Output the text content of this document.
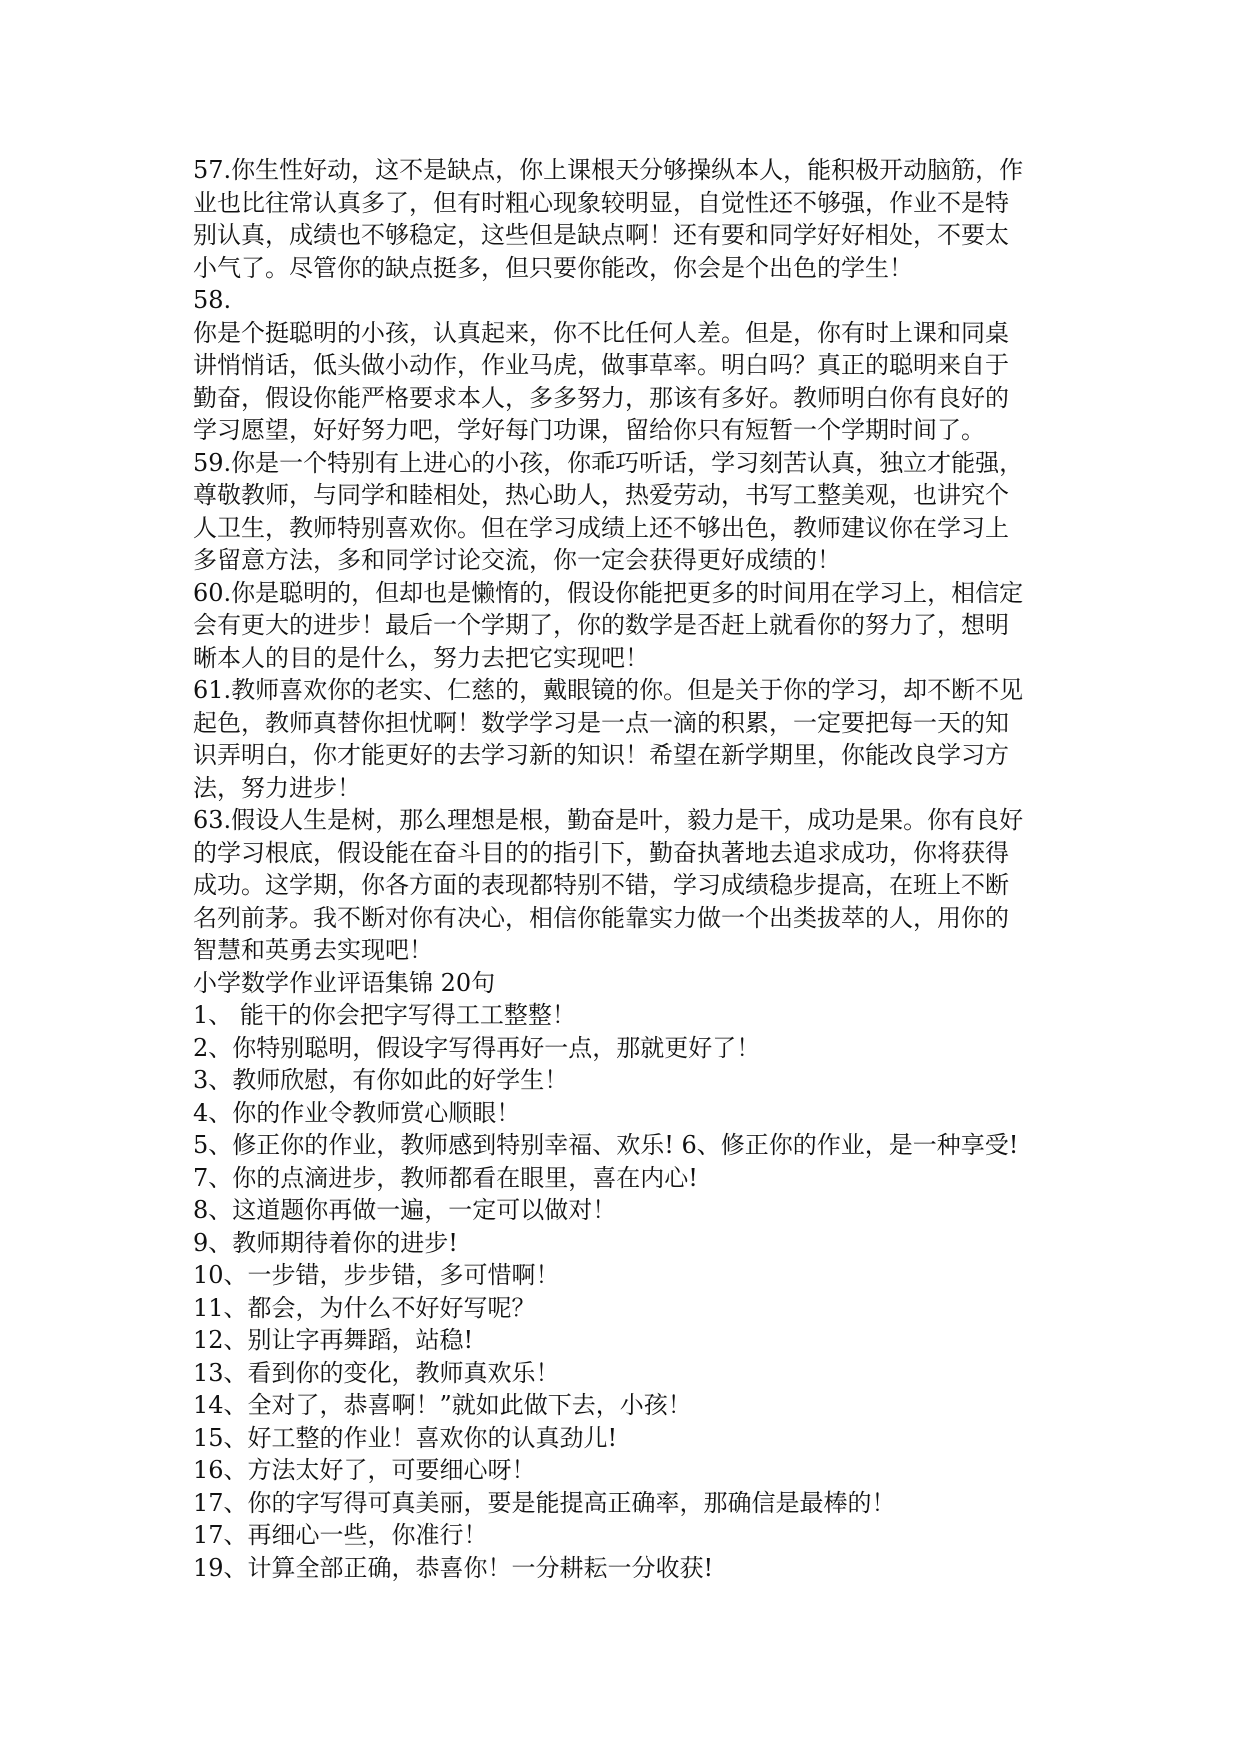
57.你生性好动，这不是缺点，你上课根天分够操纵本人，能积极开动脑筋，作
业也比往常认真多了，但有时粗心现象较明显，自觉性还不够强，作业不是特
别认真，成绩也不够稳定，这些但是缺点啊！还有要和同学好好相处，不要太
小气了。尽管你的缺点挺多，但只要你能改，你会是个出色的学生！
58.
你是个挺聪明的小孩，认真起来，你不比任何人差。但是，你有时上课和同桌
讲悄悄话，低头做小动作，作业马虎，做事草率。明白吗？真正的聪明来自于
勤奋，假设你能严格要求本人，多多努力，那该有多好。教师明白你有良好的
学习愿望，好好努力吧，学好每门功课，留给你只有短暂一个学期时间了。
59.你是一个特别有上进心的小孩，你乖巧听话，学习刻苦认真，独立才能强，
尊敬教师，与同学和睦相处，热心助人，热爱劳动，书写工整美观，也讲究个
人卫生，教师特别喜欢你。但在学习成绩上还不够出色，教师建议你在学习上
多留意方法，多和同学讨论交流，你一定会获得更好成绩的！
60.你是聪明的，但却也是懒惰的，假设你能把更多的时间用在学习上，相信定
会有更大的进步！最后一个学期了，你的数学是否赶上就看你的努力了，想明
晰本人的目的是什么，努力去把它实现吧！
61.教师喜欢你的老实、仁慈的，戴眼镜的你。但是关于你的学习，却不断不见
起色，教师真替你担忧啊！数学学习是一点一滴的积累，一定要把每一天的知
识弄明白，你才能更好的去学习新的知识！希望在新学期里，你能改良学习方
法，努力进步！
63.假设人生是树，那么理想是根，勤奋是叶，毅力是干，成功是果。你有良好
的学习根底，假设能在奋斗目的的指引下，勤奋执著地去追求成功，你将获得
成功。这学期，你各方面的表现都特别不错，学习成绩稳步提高，在班上不断
名列前茅。我不断对你有决心，相信你能靠实力做一个出类拔萃的人，用你的
智慧和英勇去实现吧！
小学数学作业评语集锦 20句
1、 能干的你会把字写得工工整整！
2、你特别聪明，假设字写得再好一点，那就更好了！
3、教师欣慰，有你如此的好学生！
4、你的作业令教师赏心顺眼！
5、修正你的作业，教师感到特别幸福、欢乐! 6、修正你的作业，是一种享受!
7、你的点滴进步，教师都看在眼里，喜在内心!
8、这道题你再做一遍，一定可以做对！
9、教师期待着你的进步!
10、一步错，步步错，多可惜啊！
11、都会，为什么不好好写呢？
12、别让字再舞蹈，站稳!
13、看到你的变化，教师真欢乐！
14、全对了，恭喜啊！”就如此做下去，小孩！
15、好工整的作业！喜欢你的认真劲儿!
16、方法太好了，可要细心呀！
17、你的字写得可真美丽，要是能提高正确率，那确信是最棒的！
17、再细心一些，你准行！
19、计算全部正确，恭喜你！一分耕耘一分收获!
